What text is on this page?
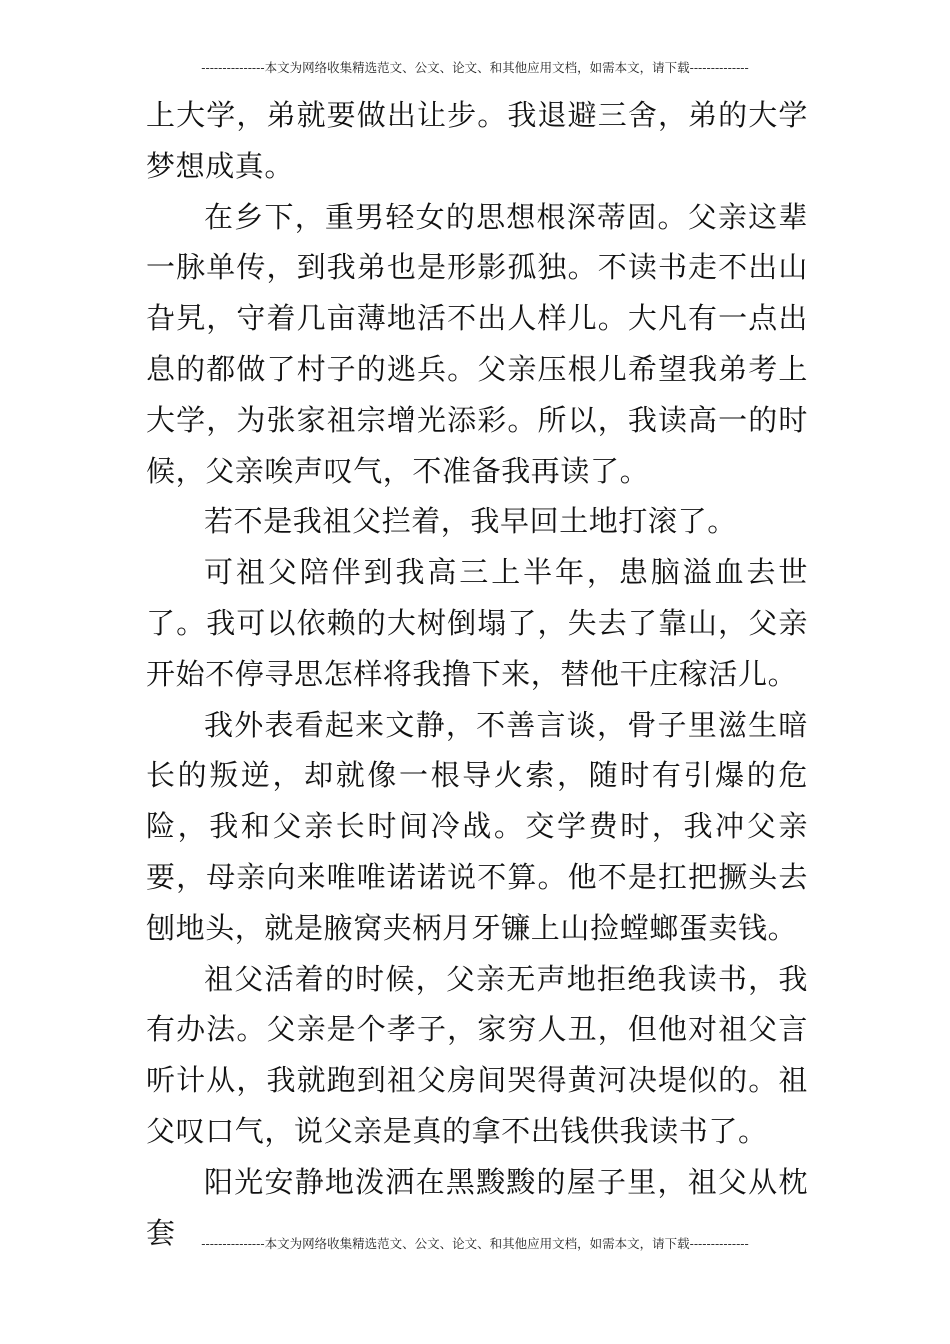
---------------本文为网络收集精选范文、公文、论文、和其他应用文档，如需本文，请下载--------------

上大学，弟就要做出让步。我退避三舍，弟的大学梦想成真。

在乡下，重男轻女的思想根深蒂固。父亲这辈一脉单传，到我弟也是形影孤独。不读书走不出山旮旯，守着几亩薄地活不出人样儿。大凡有一点出息的都做了村子的逃兵。父亲压根儿希望我弟考上大学，为张家祖宗增光添彩。所以，我读高一的时候，父亲唉声叹气，不准备我再读了。

若不是我祖父拦着，我早回土地打滚了。

可祖父陪伴到我高三上半年，患脑溢血去世了。我可以依赖的大树倒塌了，失去了靠山，父亲开始不停寻思怎样将我撸下来，替他干庄稼活儿。

我外表看起来文静，不善言谈，骨子里滋生暗长的叛逆，却就像一根导火索，随时有引爆的危险，我和父亲长时间冷战。交学费时，我冲父亲要，母亲向来唯唯诺诺说不算。他不是扛把撅头去刨地头，就是腋窝夹柄月牙镰上山捡螳螂蛋卖钱。

祖父活着的时候，父亲无声地拒绝我读书，我有办法。父亲是个孝子，家穷人丑，但他对祖父言听计从，我就跑到祖父房间哭得黄河决堤似的。祖父叹口气，说父亲是真的拿不出钱供我读书了。

阳光安静地泼洒在黑黢黢的屋子里，祖父从枕套	---------------本文为网络收集精选范文、公文、论文、和其他应用文档，如需本文，请下载--------------
